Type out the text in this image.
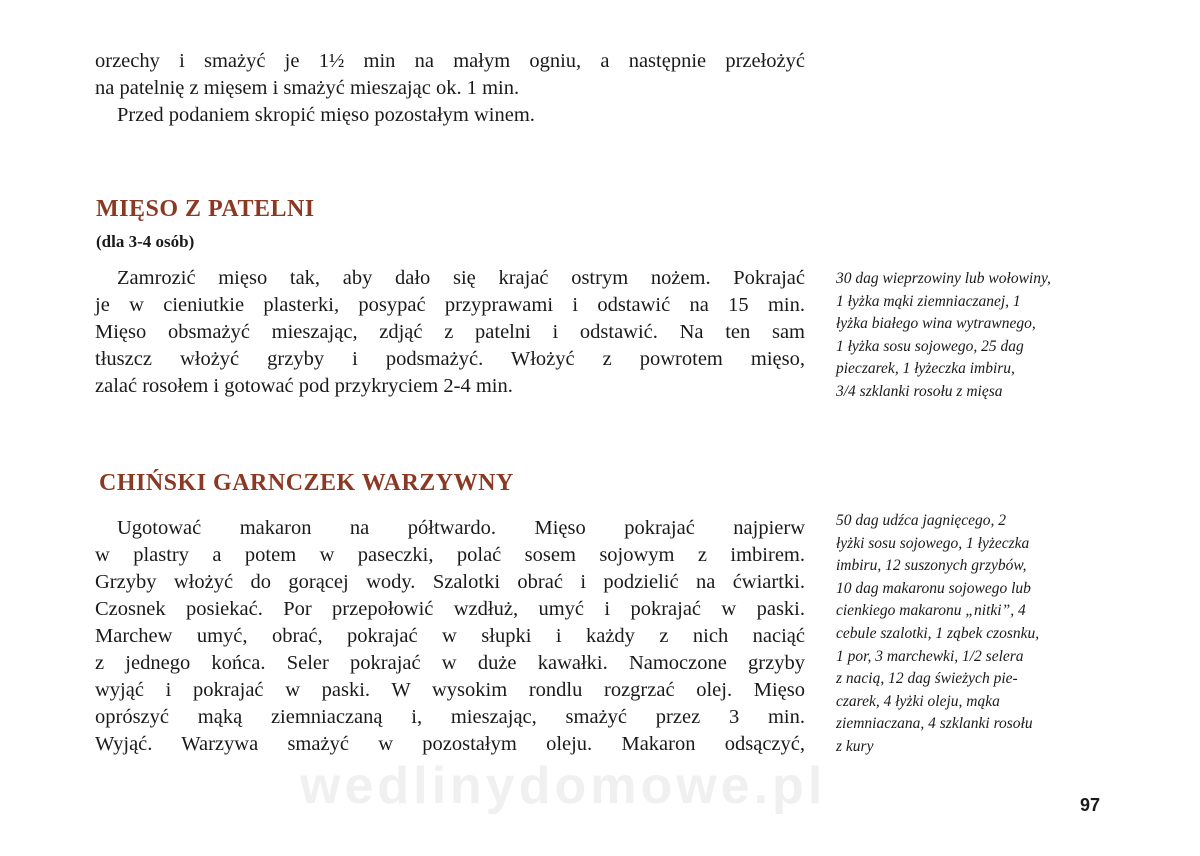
orzechy i smażyć je 1½ min na małym ogniu, a następnie przełożyć
na patelnię z mięsem i smażyć mieszając ok. 1 min.
Przed podaniem skropić mięso pozostałym winem.
MIĘSO Z PATELNI
(dla 3-4 osób)
Zamrozić mięso tak, aby dało się krajać ostrym nożem. Pokrajać
je w cieniutkie plasterki, posypać przyprawami i odstawić na 15 min.
Mięso obsmażyć mieszając, zdjąć z patelni i odstawić. Na ten sam
tłuszcz włożyć grzyby i podsmażyć. Włożyć z powrotem mięso,
zalać rosołem i gotować pod przykryciem 2-4 min.
30 dag wieprzowiny lub wołowiny,
1 łyżka mąki ziemniaczanej, 1
łyżka białego wina wytrawnego,
1 łyżka sosu sojowego, 25 dag
pieczarek, 1 łyżeczka imbiru,
3/4 szklanki rosołu z mięsa
CHIŃSKI GARNCZEK WARZYWNY
Ugotować makaron na półtwardo. Mięso pokrajać najpierw
w plastry a potem w paseczki, polać sosem sojowym z imbirem.
Grzyby włożyć do gorącej wody. Szalotki obrać i podzielić na ćwiartki.
Czosnek posiekać. Por przepołowić wzdłuż, umyć i pokrajać w paski.
Marchew umyć, obrać, pokrajać w słupki i każdy z nich naciąć
z jednego końca. Seler pokrajać w duże kawałki. Namoczone grzyby
wyjąć i pokrajać w paski. W wysokim rondlu rozgrzać olej. Mięso
oprószyć mąką ziemniaczaną i, mieszając, smażyć przez 3 min.
Wyjąć. Warzywa smażyć w pozostałym oleju. Makaron odsączyć,
50 dag udźca jagnięcego, 2
łyżki sosu sojowego, 1 łyżeczka
imbiru, 12 suszonych grzybów,
10 dag makaronu sojowego lub
cienkiego makaronu „nitki”, 4
cebule szalotki, 1 ząbek czosnku,
1 por, 3 marchewki, 1/2 selera
z nacią, 12 dag świeżych pie-
czarek, 4 łyżki oleju, mąka
ziemniaczana, 4 szklanki rosołu
z kury
wedlinydomowe.pl	97
